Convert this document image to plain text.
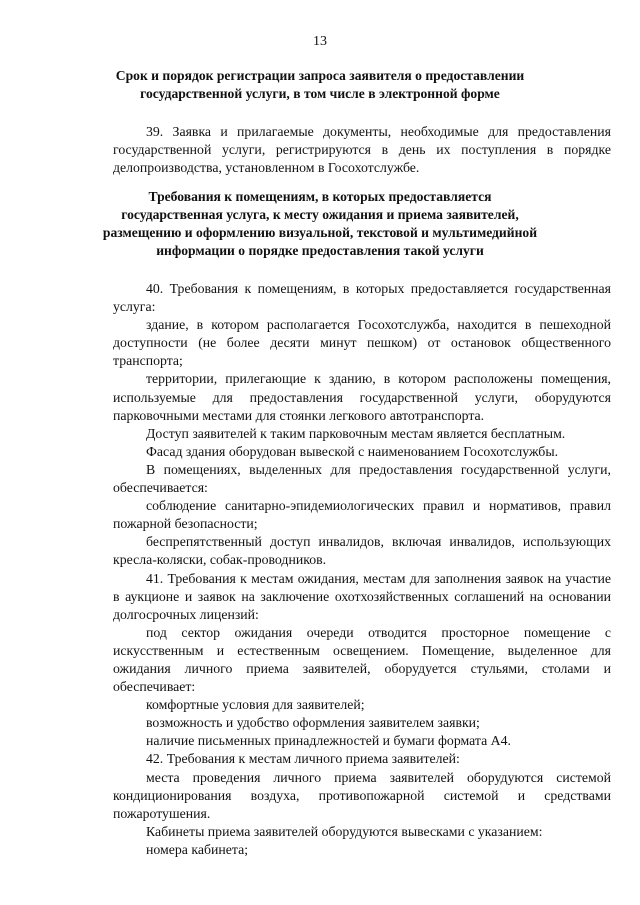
13
Срок и порядок регистрации запроса заявителя о предоставлении государственной услуги, в том числе в электронной форме

39. Заявка и прилагаемые документы, необходимые для предоставления государственной услуги, регистрируются в день их поступления в порядке делопроизводства, установленном в Госохотслужбе.

Требования к помещениям, в которых предоставляется государственная услуга, к месту ожидания и приема заявителей, размещению и оформлению визуальной, текстовой и мультимедийной информации о порядке предоставления такой услуги

40. Требования к помещениям, в которых предоставляется государственная услуга:

здание, в котором располагается Госохотслужба, находится в пешеходной доступности (не более десяти минут пешком) от остановок общественного транспорта;

территории, прилегающие к зданию, в котором расположены помещения, используемые для предоставления государственной услуги, оборудуются парковочными местами для стоянки легкового автотранспорта.

Доступ заявителей к таким парковочным местам является бесплатным.

Фасад здания оборудован вывеской с наименованием Госохотслужбы.

В помещениях, выделенных для предоставления государственной услуги, обеспечивается:

соблюдение санитарно-эпидемиологических правил и нормативов, правил пожарной безопасности;

беспрепятственный доступ инвалидов, включая инвалидов, использующих кресла-коляски, собак-проводников.

41. Требования к местам ожидания, местам для заполнения заявок на участие в аукционе и заявок на заключение охотхозяйственных соглашений на основании долгосрочных лицензий:

под сектор ожидания очереди отводится просторное помещение с искусственным и естественным освещением. Помещение, выделенное для ожидания личного приема заявителей, оборудуется стульями, столами и обеспечивает:

комфортные условия для заявителей;

возможность и удобство оформления заявителем заявки;

наличие письменных принадлежностей и бумаги формата А4.

42. Требования к местам личного приема заявителей:

места проведения личного приема заявителей оборудуются системой кондиционирования воздуха, противопожарной системой и средствами пожаротушения.

Кабинеты приема заявителей оборудуются вывесками с указанием:

номера кабинета;
